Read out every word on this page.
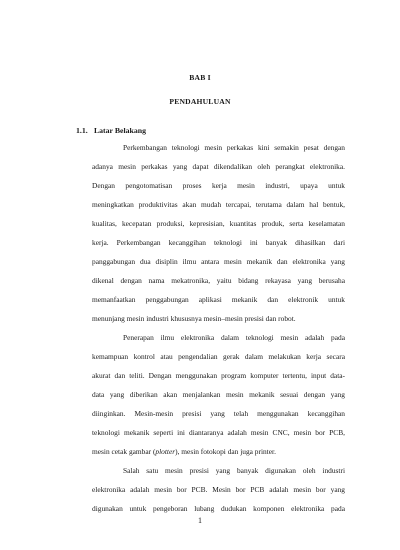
BAB I
PENDAHULUAN
1.1. Latar Belakang
Perkembangan teknologi mesin perkakas kini semakin pesat dengan
adanya mesin perkakas yang dapat dikendalikan oleh perangkat elektronika.
Dengan pengotomatisan proses kerja mesin industri, upaya untuk
meningkatkan produktivitas akan mudah tercapai, terutama dalam hal bentuk,
kualitas, kecepatan produksi, kepresisian, kuantitas produk, serta keselamatan
kerja. Perkembangan kecanggihan teknologi ini banyak dihasilkan dari
panggabungan dua disiplin ilmu antara mesin mekanik dan elektronika yang
dikenal dengan nama mekatronika, yaitu bidang rekayasa yang berusaha
memanfaatkan penggabungan aplikasi mekanik dan elektronik untuk
menunjang mesin industri khususnya mesin–mesin presisi dan robot.
Penerapan ilmu elektronika dalam teknologi mesin adalah pada
kemampuan kontrol atau pengendalian gerak dalam melakukan kerja secara
akurat dan teliti. Dengan menggunakan program komputer tertentu, input data-
data yang diberikan akan menjalankan mesin mekanik sesuai dengan yang
diinginkan. Mesin-mesin presisi yang telah menggunakan kecanggihan
teknologi mekanik seperti ini diantaranya adalah mesin CNC, mesin bor PCB,
mesin cetak gambar (plotter), mesin fotokopi dan juga printer.
Salah satu mesin presisi yang banyak digunakan oleh industri
elektronika adalah mesin bor PCB. Mesin bor PCB adalah mesin bor yang
digunakan untuk pengeboran lubang dudukan komponen elektronika pada
1
